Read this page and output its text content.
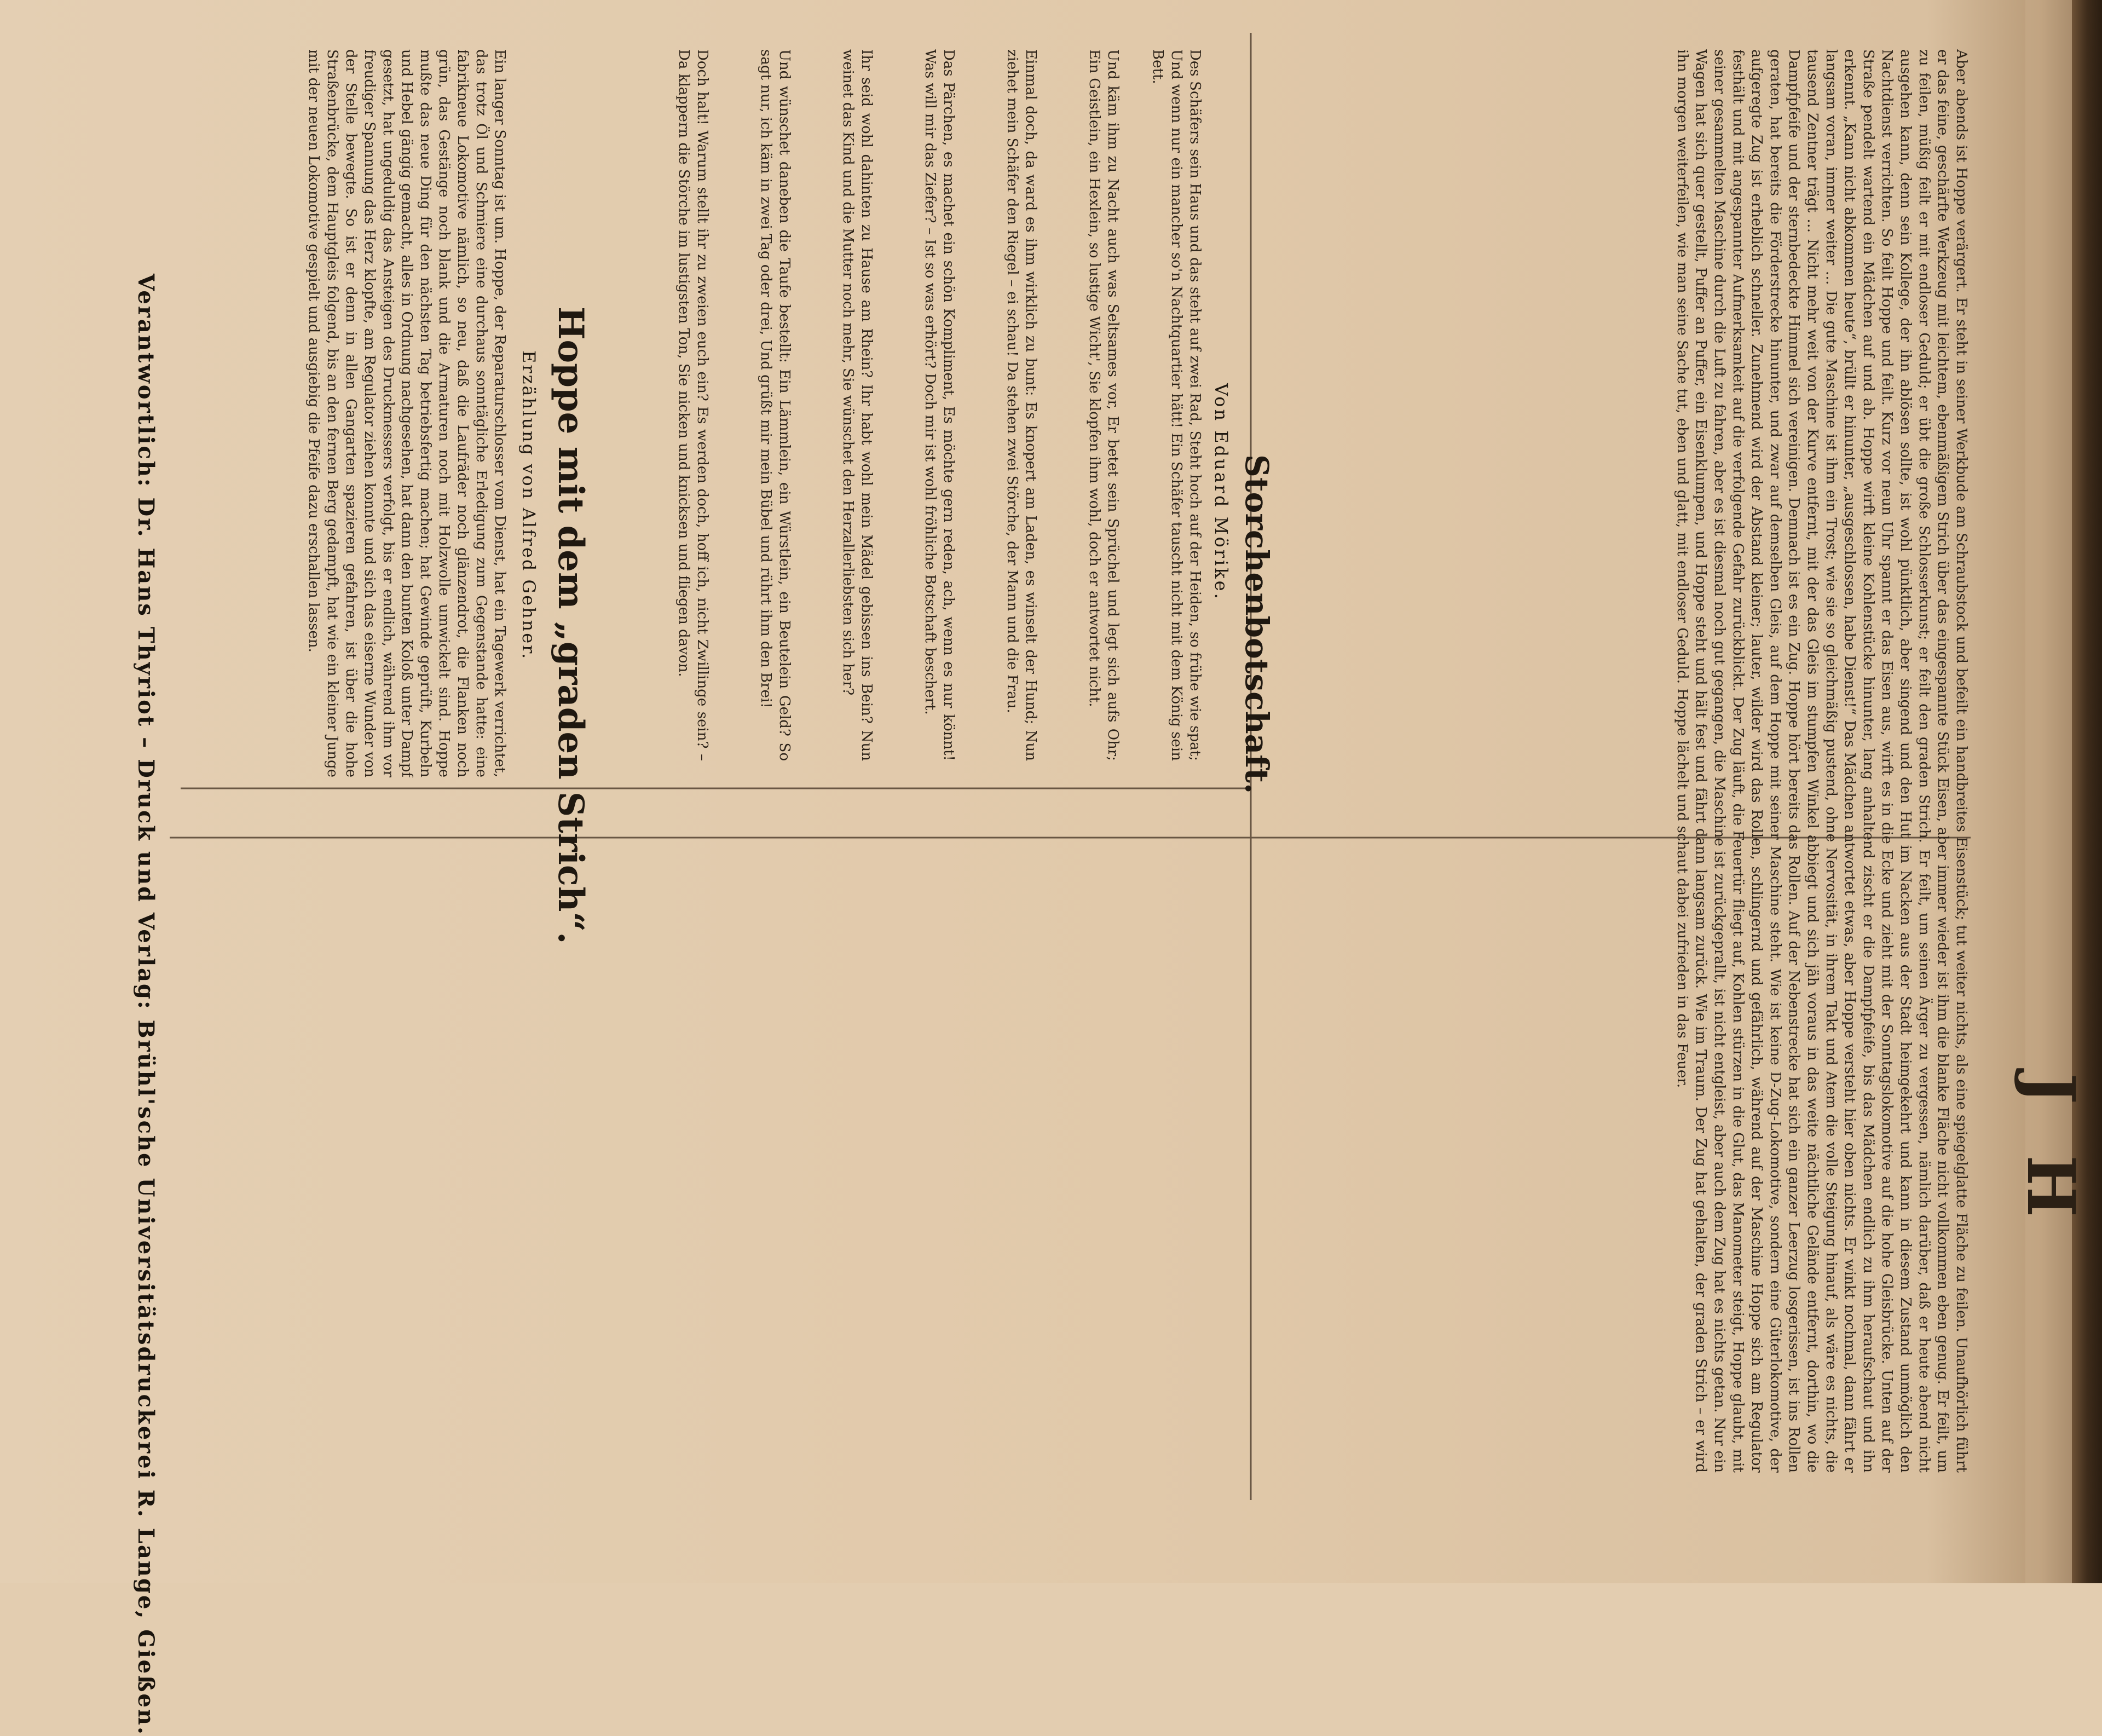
J
H
Storchenbotschaft.
Von Eduard Mörike.
Des Schäfers sein Haus und das steht auf zwei Rad, Steht hoch auf der Heiden, so frühe wie spat; Und wenn nur ein mancher so'n Nachtquartier hätt! Ein Schäfer tauscht nicht mit dem König sein Bett.
Und käm ihm zu Nacht auch was Seltsames vor, Er betet sein Sprüchel und legt sich aufs Ohr; Ein Geistlein, ein Hexlein, so lustige Wicht', Sie klopfen ihm wohl, doch er antwortet nicht.
Einmal doch, da ward es ihm wirklich zu bunt: Es knopert am Laden, es winselt der Hund; Nun ziehet mein Schäfer den Riegel – ei schau! Da stehen zwei Störche, der Mann und die Frau.
Das Pärchen, es machet ein schön Kompliment, Es möchte gern reden, ach, wenn es nur könnt! Was will mir das Ziefer? – Ist so was erhört? Doch mir ist wohl fröhliche Botschaft beschert.
Ihr seid wohl dahinten zu Hause am Rhein? Ihr habt wohl mein Mädel gebissen ins Bein? Nun weinet das Kind und die Mutter noch mehr, Sie wünschet den Herzallerliebsten sich her?
Und wünschet daneben die Taufe bestellt: Ein Lämmlein, ein Würstlein, ein Beutelein Geld? So sagt nur, ich käm in zwei Tag oder drei, Und grüßt mir mein Bübel und rührt ihm den Brei!
Doch halt! Warum stellt ihr zu zweien euch ein? Es werden doch, hoff ich, nicht Zwillinge sein? – Da klappern die Störche im lustigsten Ton, Sie nicken und knicksen und fliegen davon.
Hoppe mit dem „graden Strich“.
Erzählung von Alfred Gehner.
Ein langer Sonntag ist um. Hoppe, der Reparaturschlosser vom Dienst, hat ein Tagewerk verrichtet, das trotz Öl und Schmiere eine durchaus sonntägliche Erledigung zum Gegenstande hatte: eine fabrikneue Lokomotive nämlich, so neu, daß die Laufräder noch glänzendrot, die Flanken noch grün, das Gestänge noch blank und die Armaturen noch mit Holzwolle umwickelt sind. Hoppe mußte das neue Ding für den nächsten Tag betriebsfertig machen; hat Gewinde geprüft, Kurbeln und Hebel gängig gemacht, alles in Ordnung nachgesehen, hat dann den bunten Koloß unter Dampf gesetzt, hat ungeduldig das Ansteigen des Druckmessers verfolgt, bis er endlich, während ihm vor freudiger Spannung das Herz klopfte, am Regulator ziehen konnte und sich das eiserne Wunder von der Stelle bewegte. So ist er denn in allen Gangarten spazieren gefahren, ist über die hohe Straßenbrücke, dem Hauptgleis folgend, bis an den fernen Berg gedampft, hat wie ein kleiner Junge mit der neuen Lokomotive gespielt und ausgiebig die Pfeife dazu erschallen lassen.	Aber abends ist Hoppe verärgert. Er steht in seiner Werkbude am Schraubstock und befeilt ein handbreites Eisenstück; tut weiter nichts, als eine spiegelglatte Fläche zu feilen. Unaufhörlich führt er das feine, geschärfte Werkzeug mit leichtem, ebenmäßigem Strich über das eingespannte Stück Eisen, aber immer wieder ist ihm die blanke Fläche nicht vollkommen eben genug. Er feilt, um zu feilen, müßig feilt er mit endloser Geduld; er übt die große Schlosserkunst; er feilt den graden Strich. Er feilt, um seinen Ärger zu vergessen, nämlich darüber, daß er heute abend nicht ausgehen kann, denn sein Kollege, der ihn ablösen sollte, ist wohl pünktlich, aber singend und den Hut im Nacken aus der Stadt heimgekehrt und kann in diesem Zustand unmöglich den Nachtdienst verrichten. So feilt Hoppe und feilt. Kurz vor neun Uhr spannt er das Eisen aus, wirft es in die Ecke und zieht mit der Sonntagslokomotive auf die hohe Gleisbrücke. Unten auf der Straße pendelt wartend ein Mädchen auf und ab. Hoppe wirft kleine Kohlenstücke hinunter, lang anhaltend zischt er die Dampfpfeife, bis das Mädchen endlich zu ihm heraufschaut und ihn erkennt. „Kann nicht abkommen heute“, brüllt er hinunter, „ausgeschlossen, habe Dienst!“ Das Mädchen antwortet etwas, aber Hoppe versteht hier oben nichts. Er winkt nochmal, dann fährt er langsam voran, immer weiter … Die gute Maschine ist ihm ein Trost; wie sie so gleichmäßig pustend, ohne Nervosität, in ihrem Takt und Atem die volle Steigung hinauf, als wäre es nichts, die tausend Zentner trägt … Nicht mehr weit von der Kurve entfernt, mit der das Gleis im stumpfen Winkel abbiegt und sich jäh voraus in das weite nächtliche Gelände entfernt, dorthin, wo die Dampfpfeife und der sternbedeckte Himmel sich vereinigen. Demnach ist es ein Zug. Hoppe hört bereits das Rollen. Auf der Nebenstrecke hat sich ein ganzer Leerzug losgerissen, ist ins Rollen geraten, hat bereits die Förderstrecke hinunter, und zwar auf demselben Gleis, auf dem Hoppe mit seiner Maschine steht. Wie ist keine D-Zug-Lokomotive, sondern eine Güterlokomotive, der aufgeregte Zug ist erheblich schneller. Zunehmend wird der Abstand kleiner; lauter, wilder wird das Rollen, schlingernd und gefährlich, während auf der Maschine Hoppe sich am Regulator festhält und mit angespannter Aufmerksamkeit auf die verfolgende Gefahr zurückblickt. Der Zug läuft, die Feuertür fliegt auf, Kohlen stürzen in die Glut, das Manometer steigt, Hoppe glaubt, mit seiner gesammelten Maschine durch die Luft zu fahren, aber es ist diesmal noch gut gegangen, die Maschine ist zurückgeprallt, ist nicht entgleist, aber auch dem Zug hat es nichts getan. Nur ein Wagen hat sich quer gestellt, Puffer an Puffer, ein Eisenklumpen, und Hoppe steht und hält fest und fährt dann langsam zurück. Wie im Traum. Der Zug hat gehalten, der graden Strich – er wird ihn morgen weiterfeilen, wie man seine Sache tut, eben und glatt, mit endloser Geduld. Hoppe lächelt und schaut dabei zufrieden in das Feuer.
Verantwortlich: Dr. Hans Thyriot – Druck und Verlag: Brühl'sche Universitätsdruckerei R. Lange, Gießen.
